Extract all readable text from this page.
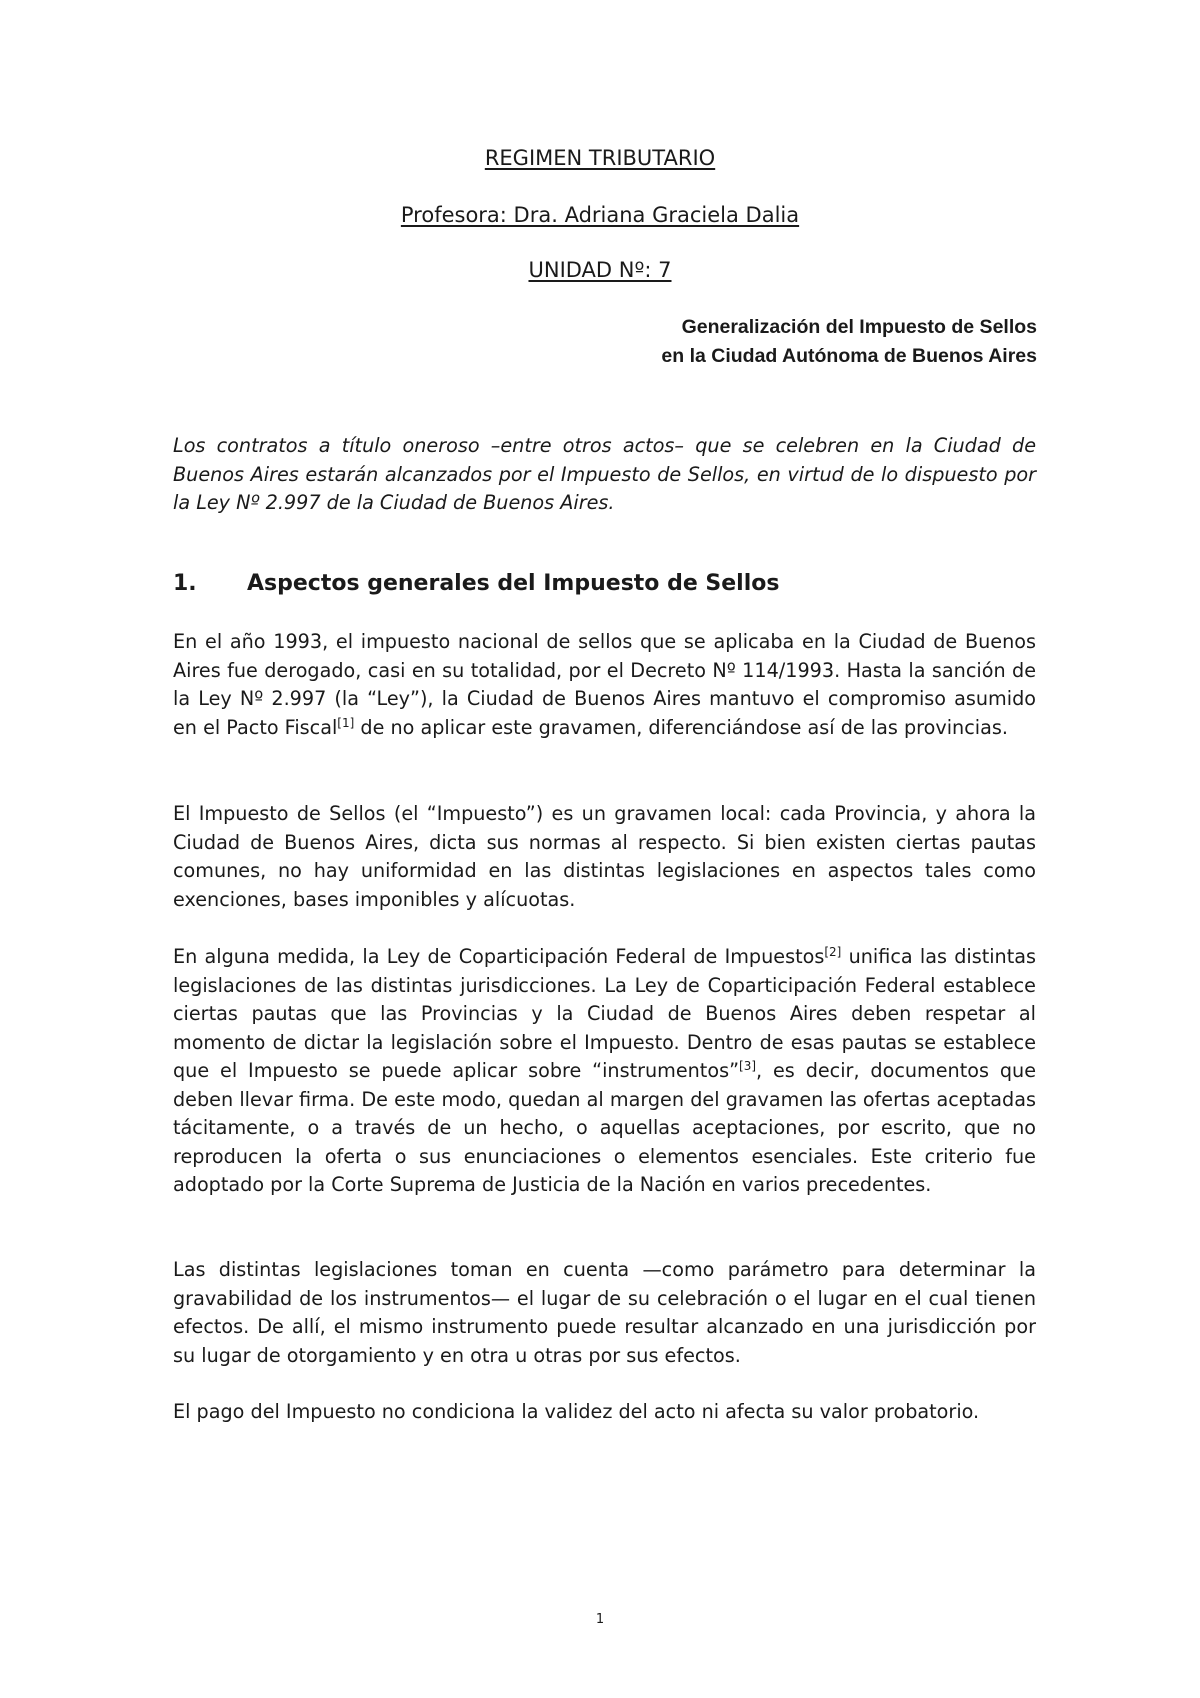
REGIMEN TRIBUTARIO
Profesora: Dra. Adriana Graciela Dalia
UNIDAD Nº: 7
Generalización del Impuesto de Sellos
en la Ciudad Autónoma de Buenos Aires

Los contratos a título oneroso –entre otros actos– que se celebren en la Ciudad de Buenos Aires estarán alcanzados por el Impuesto de Sellos, en virtud de lo dispuesto por la Ley Nº 2.997 de la Ciudad de Buenos Aires.

1. Aspectos generales del Impuesto de Sellos

En el año 1993, el impuesto nacional de sellos que se aplicaba en la Ciudad de Buenos Aires fue derogado, casi en su totalidad, por el Decreto Nº 114/1993. Hasta la sanción de la Ley Nº 2.997 (la “Ley”), la Ciudad de Buenos Aires mantuvo el compromiso asumido en el Pacto Fiscal[1] de no aplicar este gravamen, diferenciándose así de las provincias.

El Impuesto de Sellos (el “Impuesto”) es un gravamen local: cada Provincia, y ahora la Ciudad de Buenos Aires, dicta sus normas al respecto. Si bien existen ciertas pautas comunes, no hay uniformidad en las distintas legislaciones en aspectos tales como exenciones, bases imponibles y alícuotas.

En alguna medida, la Ley de Coparticipación Federal de Impuestos[2] unifica las distintas legislaciones de las distintas jurisdicciones. La Ley de Coparticipación Federal establece ciertas pautas que las Provincias y la Ciudad de Buenos Aires deben respetar al momento de dictar la legislación sobre el Impuesto. Dentro de esas pautas se establece que el Impuesto se puede aplicar sobre “instrumentos”[3], es decir, documentos que deben llevar firma. De este modo, quedan al margen del gravamen las ofertas aceptadas tácitamente, o a través de un hecho, o aquellas aceptaciones, por escrito, que no reproducen la oferta o sus enunciaciones o elementos esenciales. Este criterio fue adoptado por la Corte Suprema de Justicia de la Nación en varios precedentes.

Las distintas legislaciones toman en cuenta —como parámetro para determinar la gravabilidad de los instrumentos— el lugar de su celebración o el lugar en el cual tienen efectos. De allí, el mismo instrumento puede resultar alcanzado en una jurisdicción por su lugar de otorgamiento y en otra u otras por sus efectos.

El pago del Impuesto no condiciona la validez del acto ni afecta su valor probatorio.

1
